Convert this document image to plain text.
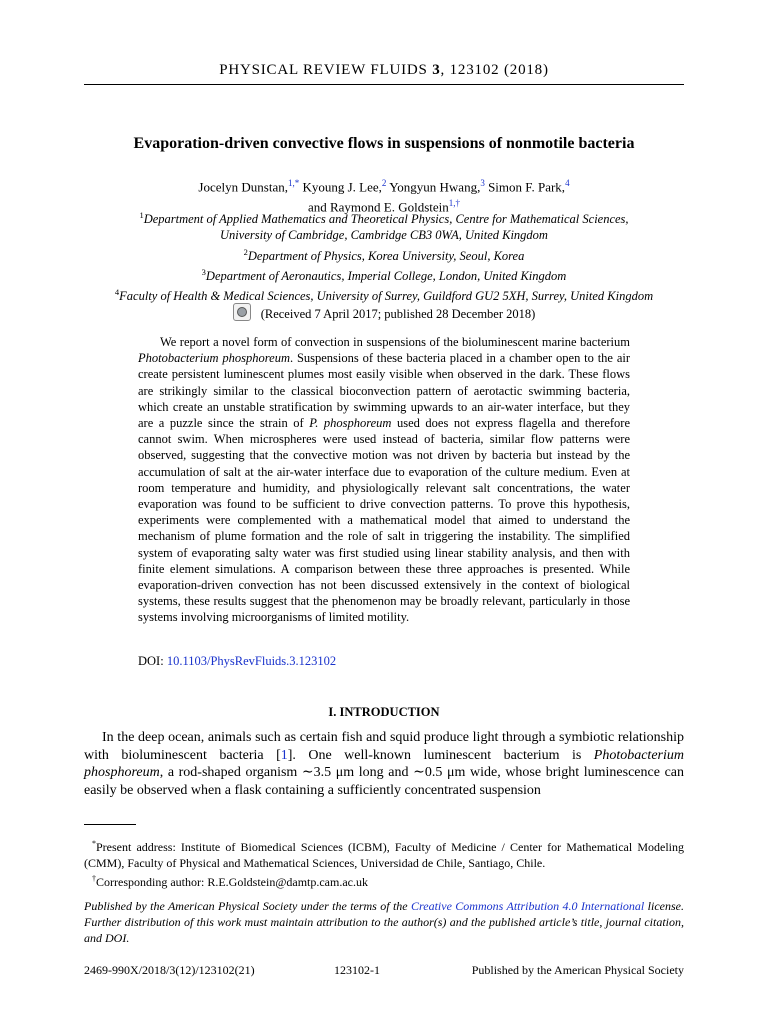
PHYSICAL REVIEW FLUIDS 3, 123102 (2018)
Evaporation-driven convective flows in suspensions of nonmotile bacteria
Jocelyn Dunstan,$^{1,*}$ Kyoung J. Lee,$^2$ Yongyun Hwang,$^3$ Simon F. Park,$^4$
and Raymond E. Goldstein$^{1,\dagger}$
$^1$Department of Applied Mathematics and Theoretical Physics, Centre for Mathematical Sciences,
University of Cambridge, Cambridge CB3 0WA, United Kingdom
$^2$Department of Physics, Korea University, Seoul, Korea
$^3$Department of Aeronautics, Imperial College, London, United Kingdom
$^4$Faculty of Health & Medical Sciences, University of Surrey, Guildford GU2 5XH, Surrey, United Kingdom
(Received 7 April 2017; published 28 December 2018)

We report a novel form of convection in suspensions of the bioluminescent marine bacterium Photobacterium phosphoreum. Suspensions of these bacteria placed in a chamber open to the air create persistent luminescent plumes most easily visible when observed in the dark. These flows are strikingly similar to the classical bioconvection pattern of aerotactic swimming bacteria, which create an unstable stratification by swimming upwards to an air-water interface, but they are a puzzle since the strain of P. phosphoreum used does not express flagella and therefore cannot swim. When microspheres were used instead of bacteria, similar flow patterns were observed, suggesting that the convective motion was not driven by bacteria but instead by the accumulation of salt at the air-water interface due to evaporation of the culture medium. Even at room temperature and humidity, and physiologically relevant salt concentrations, the water evaporation was found to be sufficient to drive convection patterns. To prove this hypothesis, experiments were complemented with a mathematical model that aimed to understand the mechanism of plume formation and the role of salt in triggering the instability. The simplified system of evaporating salty water was first studied using linear stability analysis, and then with finite element simulations. A comparison between these three approaches is presented. While evaporation-driven convection has not been discussed extensively in the context of biological systems, these results suggest that the phenomenon may be broadly relevant, particularly in those systems involving microorganisms of limited motility.

DOI: 10.1103/PhysRevFluids.3.123102
I. INTRODUCTION

In the deep ocean, animals such as certain fish and squid produce light through a symbiotic relationship with bioluminescent bacteria [1]. One well-known luminescent bacterium is Photobacterium phosphoreum, a rod-shaped organism ∼3.5 μm long and ∼0.5 μm wide, whose bright luminescence can easily be observed when a flask containing a sufficiently concentrated suspension

*Present address: Institute of Biomedical Sciences (ICBM), Faculty of Medicine / Center for Mathematical Modeling (CMM), Faculty of Physical and Mathematical Sciences, Universidad de Chile, Santiago, Chile.

†Corresponding author: R.E.Goldstein@damtp.cam.ac.uk

Published by the American Physical Society under the terms of the Creative Commons Attribution 4.0 International license. Further distribution of this work must maintain attribution to the author(s) and the published article’s title, journal citation, and DOI.

2469-990X/2018/3(12)/123102(21)	123102-1	Published by the American Physical Society
